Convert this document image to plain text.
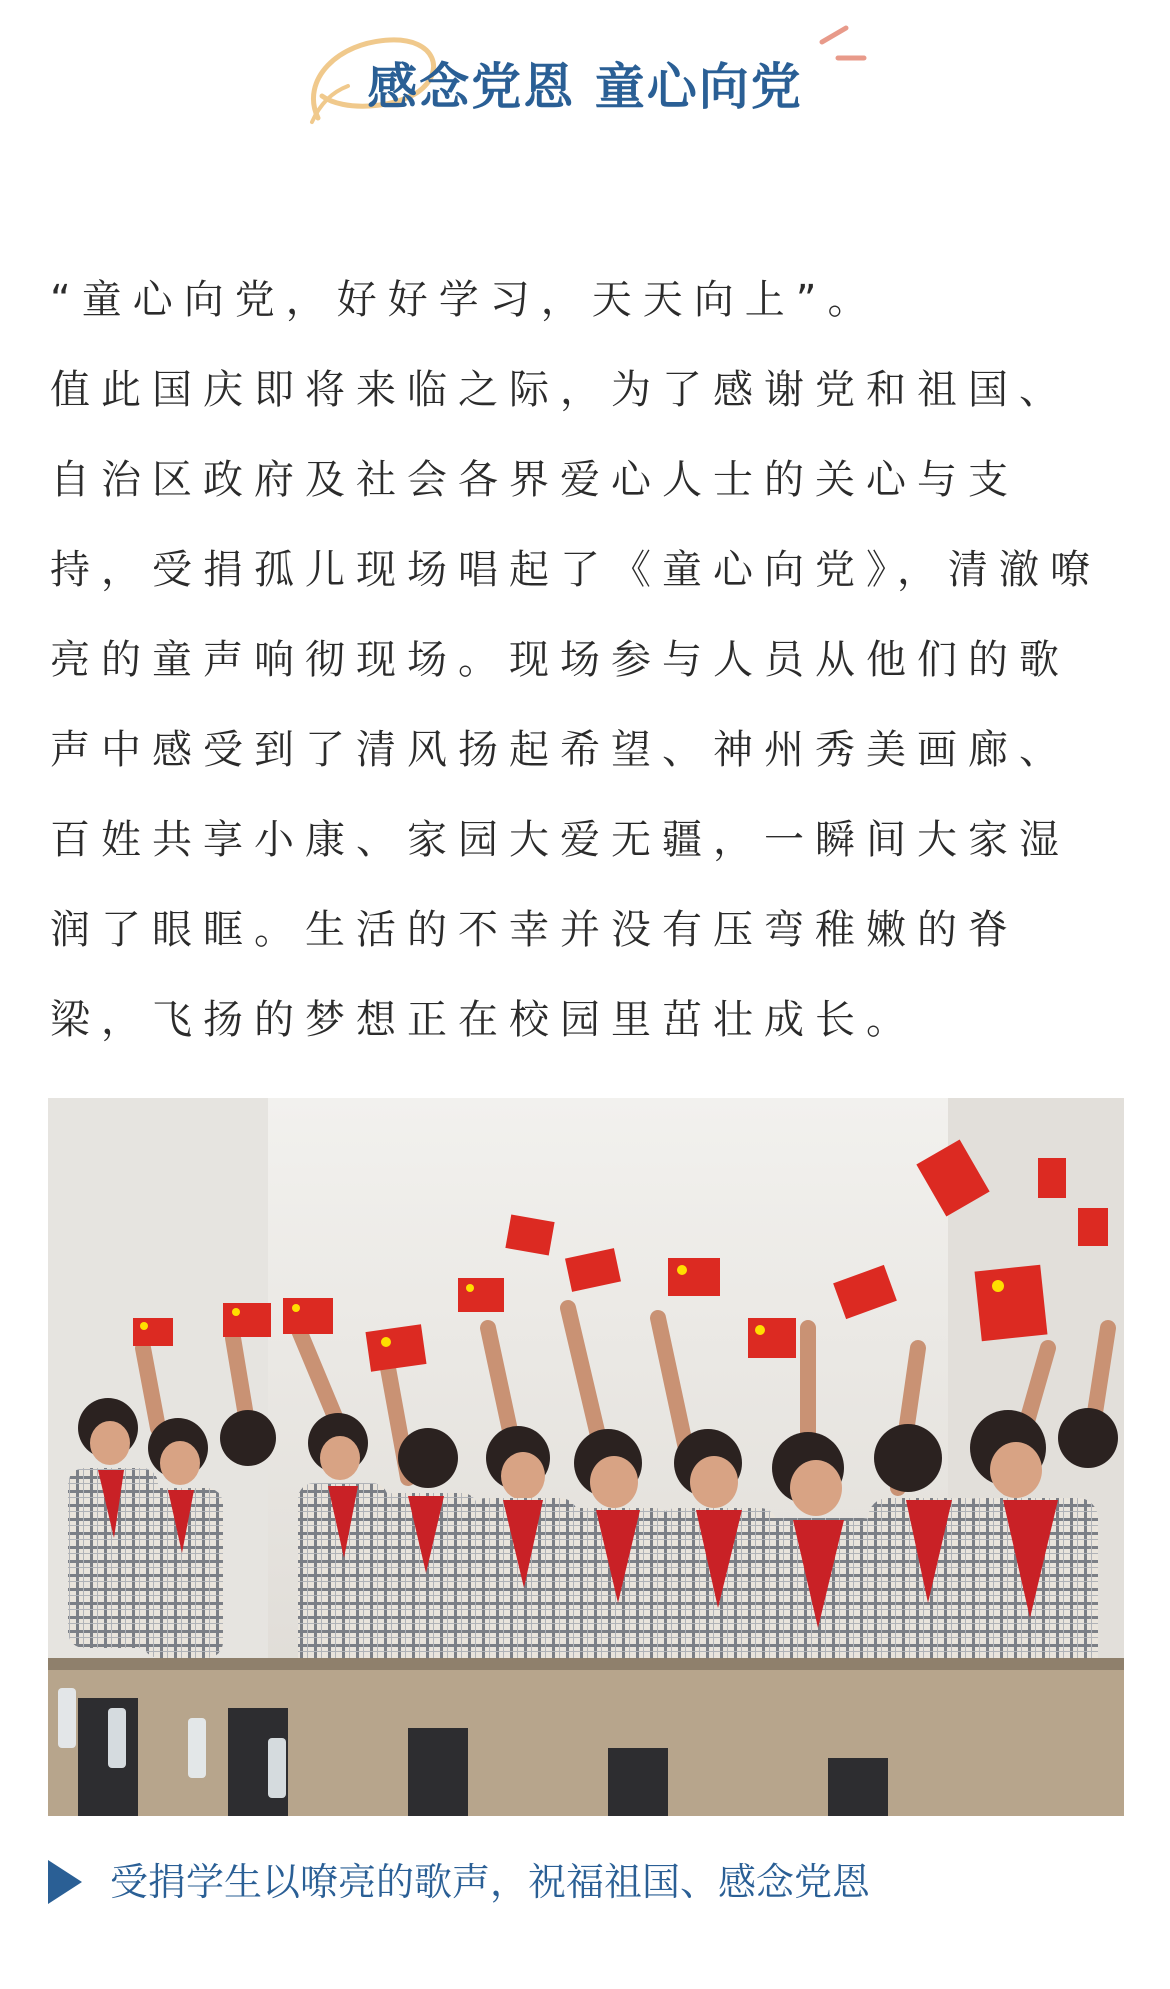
感念党恩 童心向党

“童心向党，好好学习，天天向上”。

值此国庆即将来临之际，为了感谢党和祖国、自治区政府及社会各界爱心人士的关心与支持，受捐孤儿现场唱起了《童心向党》，清澈嘹亮的童声响彻现场。现场参与人员从他们的歌声中感受到了清风扬起希望、神州秀美画廊、百姓共享小康、家园大爱无疆，一瞬间大家湿润了眼眶。生活的不幸并没有压弯稚嫩的脊梁，飞扬的梦想正在校园里茁壮成长。

受捐学生以嘹亮的歌声，祝福祖国、感念党恩
